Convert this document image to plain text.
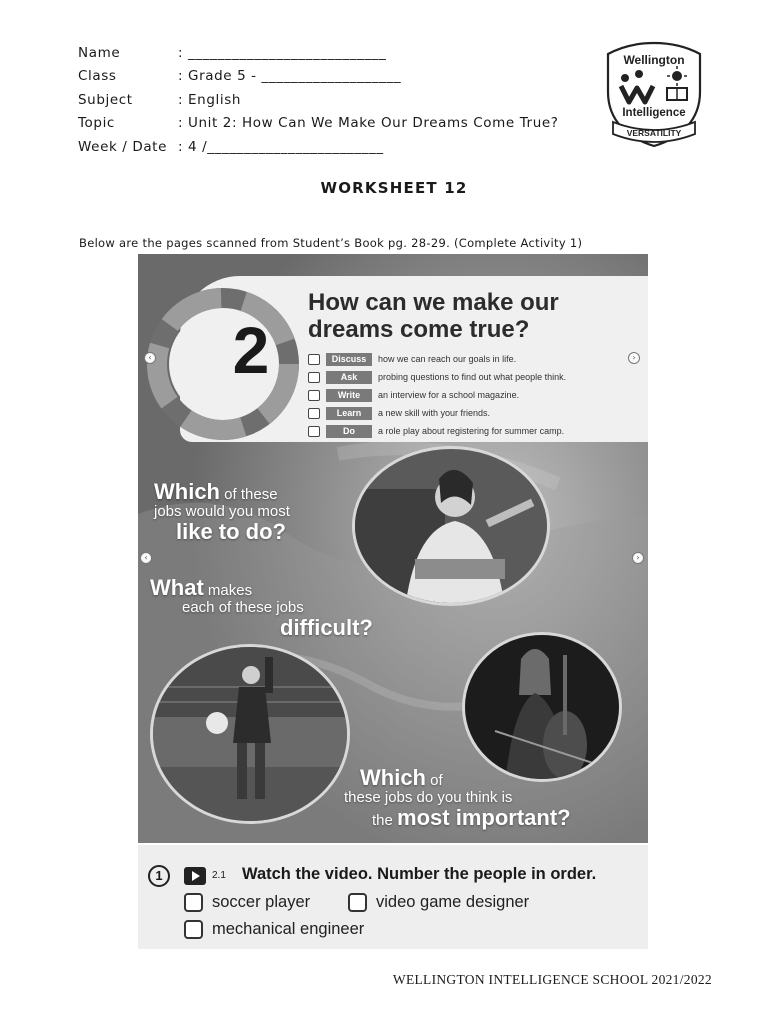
Name	: ___________________________
Class	: Grade 5 - ___________________
Subject	: English
Topic	: Unit 2: How Can We Make Our Dreams Come True?
Week / Date : 4 /________________________
Wellington
Intelligence
VERSATILITY
WORKSHEET 12
Below are the pages scanned from Student’s Book pg. 28-29. (Complete Activity 1)
2
How can we make our dreams come true?
Discuss	how we can reach our goals in life.
Ask	probing questions to find out what people think.
Write	an interview for a school magazine.
Learn	a new skill with your friends.
Do	a role play about registering for summer camp.
‹	›
‹	›
Which of these
jobs would you most
like to do?
What makes
each of these jobs
difficult?
Which of
these jobs do you think is
the most important?
1	2.1 Watch the video. Number the people in order.
soccer player	video game designer
mechanical engineer
WELLINGTON INTELLIGENCE SCHOOL 2021/2022
